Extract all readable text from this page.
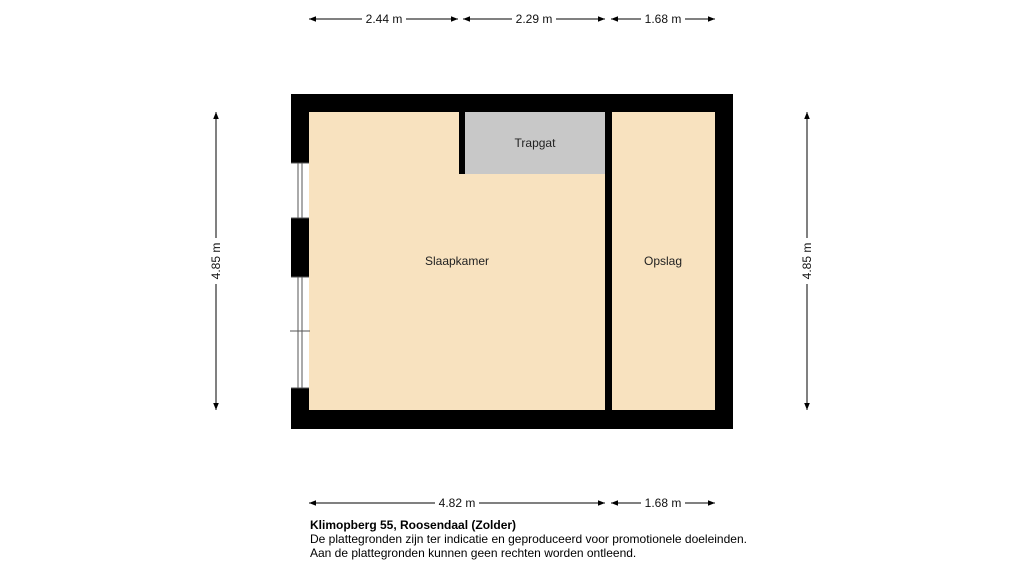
Trapgat
Slaapkamer	Opslag
2.44 m	2.29 m	1.68 m
4.82 m	1.68 m
4.85 m	4.85 m
Klimopberg 55, Roosendaal (Zolder)
De plattegronden zijn ter indicatie en geproduceerd voor promotionele doeleinden.
Aan de plattegronden kunnen geen rechten worden ontleend.
